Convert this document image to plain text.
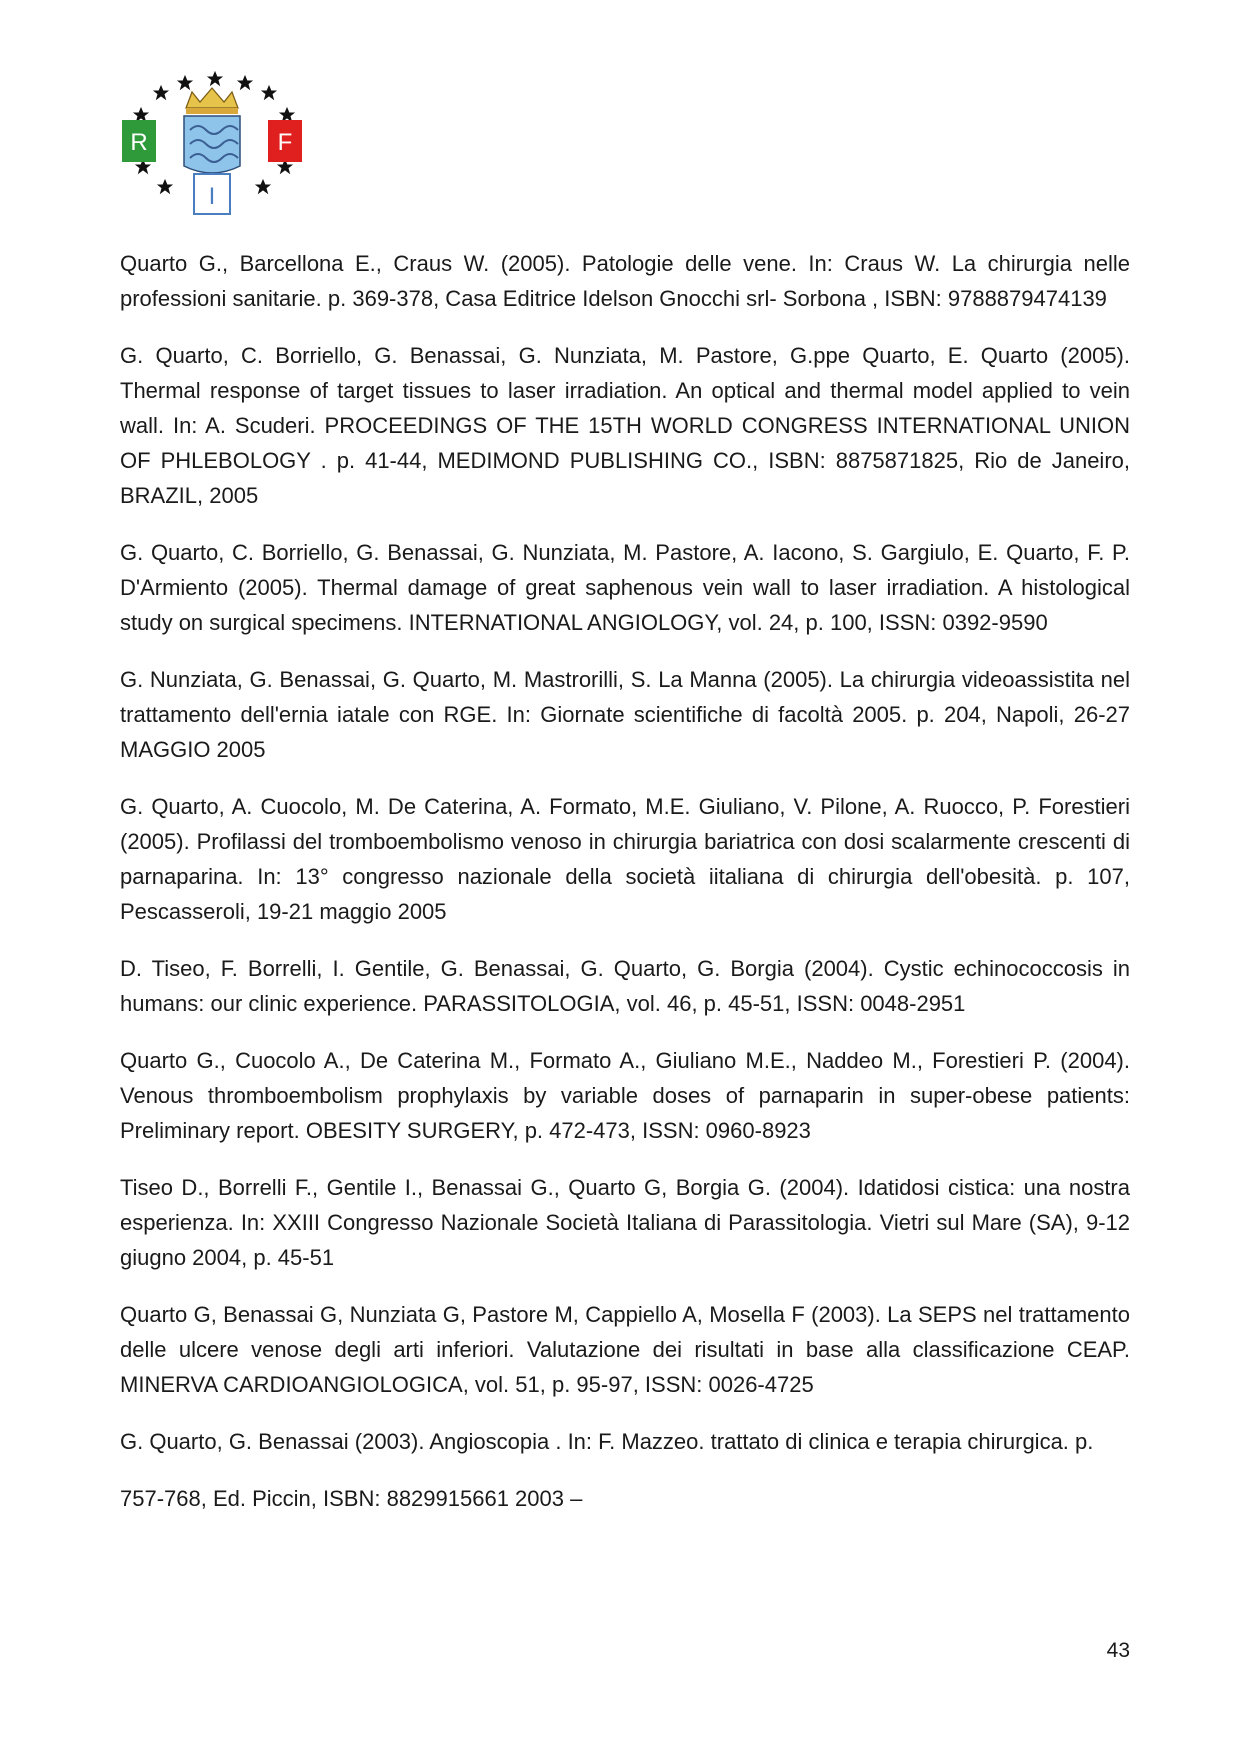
R	F
I

Quarto G., Barcellona E., Craus W. (2005). Patologie delle vene. In: Craus W. La chirurgia nelle professioni sanitarie. p. 369-378, Casa Editrice Idelson Gnocchi srl- Sorbona , ISBN: 9788879474139

G. Quarto, C. Borriello, G. Benassai, G. Nunziata, M. Pastore, G.ppe Quarto, E. Quarto (2005). Thermal response of target tissues to laser irradiation. An optical and thermal model applied to vein wall. In: A. Scuderi. PROCEEDINGS OF THE 15TH WORLD CONGRESS INTERNATIONAL UNION OF PHLEBOLOGY . p. 41-44, MEDIMOND PUBLISHING CO., ISBN: 8875871825, Rio de Janeiro, BRAZIL, 2005

G. Quarto, C. Borriello, G. Benassai, G. Nunziata, M. Pastore, A. Iacono, S. Gargiulo, E. Quarto, F. P. D'Armiento (2005). Thermal damage of great saphenous vein wall to laser irradiation. A histological study on surgical specimens. INTERNATIONAL ANGIOLOGY, vol. 24, p. 100, ISSN: 0392-9590

G. Nunziata, G. Benassai, G. Quarto, M. Mastrorilli, S. La Manna (2005). La chirurgia videoassistita nel trattamento dell'ernia iatale con RGE. In: Giornate scientifiche di facoltà 2005. p. 204, Napoli, 26-27 MAGGIO 2005

G. Quarto, A. Cuocolo, M. De Caterina, A. Formato, M.E. Giuliano, V. Pilone, A. Ruocco, P. Forestieri (2005). Profilassi del tromboembolismo venoso in chirurgia bariatrica con dosi scalarmente crescenti di parnaparina. In: 13° congresso nazionale della società iitaliana di chirurgia dell'obesità. p. 107, Pescasseroli, 19-21 maggio 2005

D. Tiseo, F. Borrelli, I. Gentile, G. Benassai, G. Quarto, G. Borgia (2004). Cystic echinococcosis in humans: our clinic experience. PARASSITOLOGIA, vol. 46, p. 45-51, ISSN: 0048-2951

Quarto G., Cuocolo A., De Caterina M., Formato A., Giuliano M.E., Naddeo M., Forestieri P. (2004). Venous thromboembolism prophylaxis by variable doses of parnaparin in super-obese patients: Preliminary report. OBESITY SURGERY, p. 472-473, ISSN: 0960-8923

Tiseo D., Borrelli F., Gentile I., Benassai G., Quarto G, Borgia G. (2004). Idatidosi cistica: una nostra esperienza. In: XXIII Congresso Nazionale Società Italiana di Parassitologia. Vietri sul Mare (SA), 9-12 giugno 2004, p. 45-51

Quarto G, Benassai G, Nunziata G, Pastore M, Cappiello A, Mosella F (2003). La SEPS nel trattamento delle ulcere venose degli arti inferiori. Valutazione dei risultati in base alla classificazione CEAP. MINERVA CARDIOANGIOLOGICA, vol. 51, p. 95-97, ISSN: 0026-4725

G. Quarto, G. Benassai (2003). Angioscopia . In: F. Mazzeo. trattato di clinica e terapia chirurgica. p.

757-768, Ed. Piccin, ISBN: 8829915661 2003 –

43
